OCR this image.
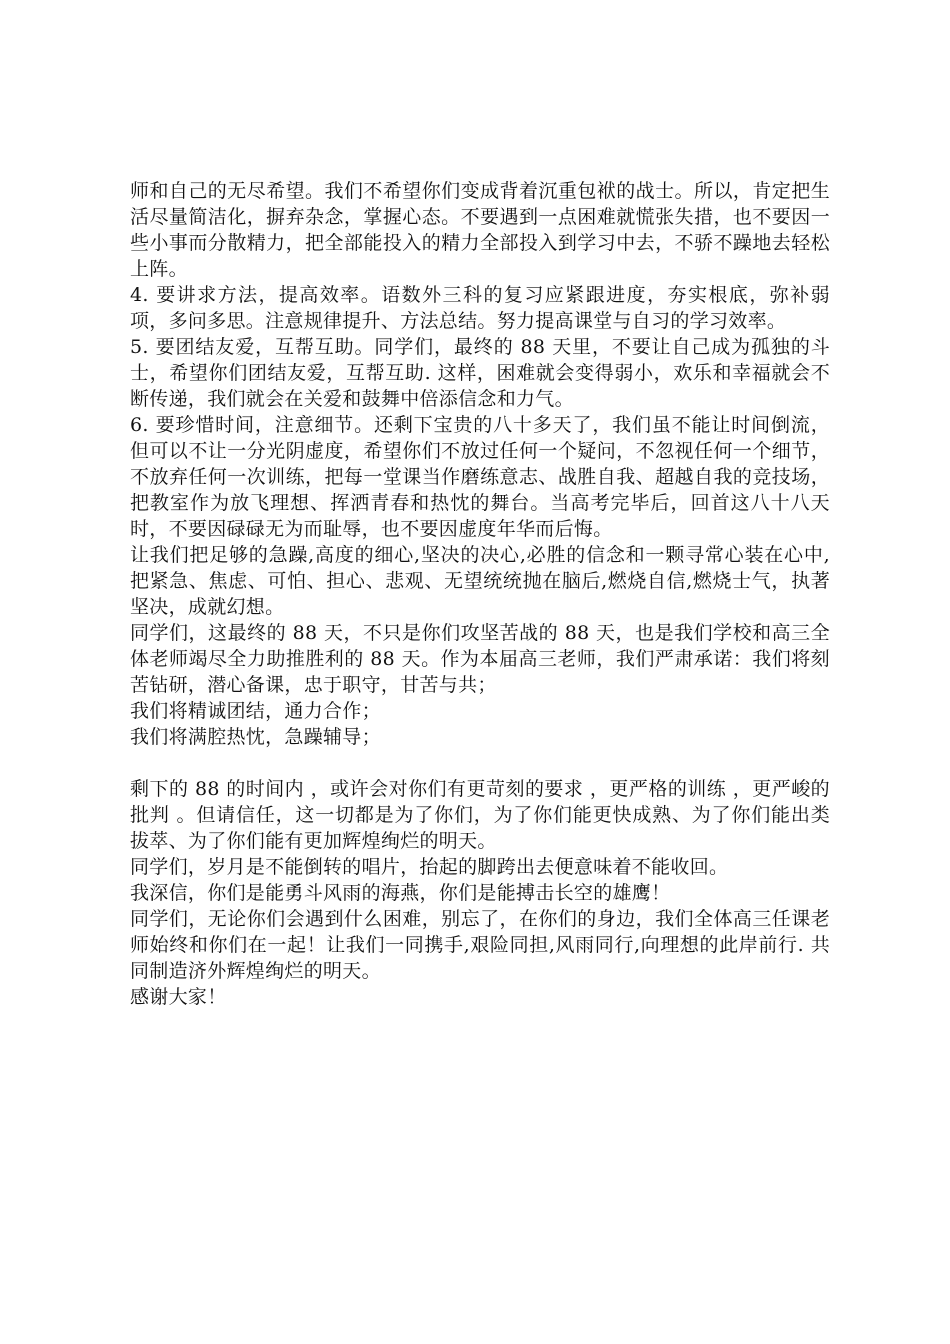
师和自己的无尽希望。我们不希望你们变成背着沉重包袱的战士。所以，肯定把生活尽量简洁化，摒弃杂念，掌握心态。不要遇到一点困难就慌张失措，也不要因一些小事而分散精力，把全部能投入的精力全部投入到学习中去，不骄不躁地去轻松上阵。

4. 要讲求方法，提高效率。语数外三科的复习应紧跟进度，夯实根底，弥补弱项，多问多思。注意规律提升、方法总结。努力提高课堂与自习的学习效率。

5. 要团结友爱，互帮互助。同学们，最终的 88 天里，不要让自己成为孤独的斗士，希望你们团结友爱，互帮互助. 这样，困难就会变得弱小，欢乐和幸福就会不断传递，我们就会在关爱和鼓舞中倍添信念和力气。

6. 要珍惜时间，注意细节。还剩下宝贵的八十多天了，我们虽不能让时间倒流，但可以不让一分光阴虚度，希望你们不放过任何一个疑问，不忽视任何一个细节，不放弃任何一次训练，把每一堂课当作磨练意志、战胜自我、超越自我的竞技场，把教室作为放飞理想、挥洒青春和热忱的舞台。当高考完毕后，回首这八十八天时，不要因碌碌无为而耻辱，也不要因虚度年华而后悔。

让我们把足够的急躁,高度的细心,坚决的决心,必胜的信念和一颗寻常心装在心中,把紧急、焦虑、可怕、担心、悲观、无望统统抛在脑后,燃烧自信,燃烧士气，执著坚决，成就幻想。

同学们，这最终的 88 天，不只是你们攻坚苦战的 88 天，也是我们学校和高三全体老师竭尽全力助推胜利的 88 天。作为本届高三老师，我们严肃承诺：我们将刻苦钻研，潜心备课，忠于职守，甘苦与共；

我们将精诚团结，通力合作；

我们将满腔热忱，急躁辅导；

剩下的 88 的时间内 ，或许会对你们有更苛刻的要求 ，更严格的训练 ，更严峻的批判 。但请信任，这一切都是为了你们，为了你们能更快成熟、为了你们能出类拔萃、为了你们能有更加辉煌绚烂的明天。

同学们，岁月是不能倒转的唱片，抬起的脚跨出去便意味着不能收回。

我深信，你们是能勇斗风雨的海燕，你们是能搏击长空的雄鹰！

同学们，无论你们会遇到什么困难，别忘了，在你们的身边，我们全体高三任课老师始终和你们在一起！让我们一同携手,艰险同担,风雨同行,向理想的此岸前行. 共同制造济外辉煌绚烂的明天。

感谢大家！
